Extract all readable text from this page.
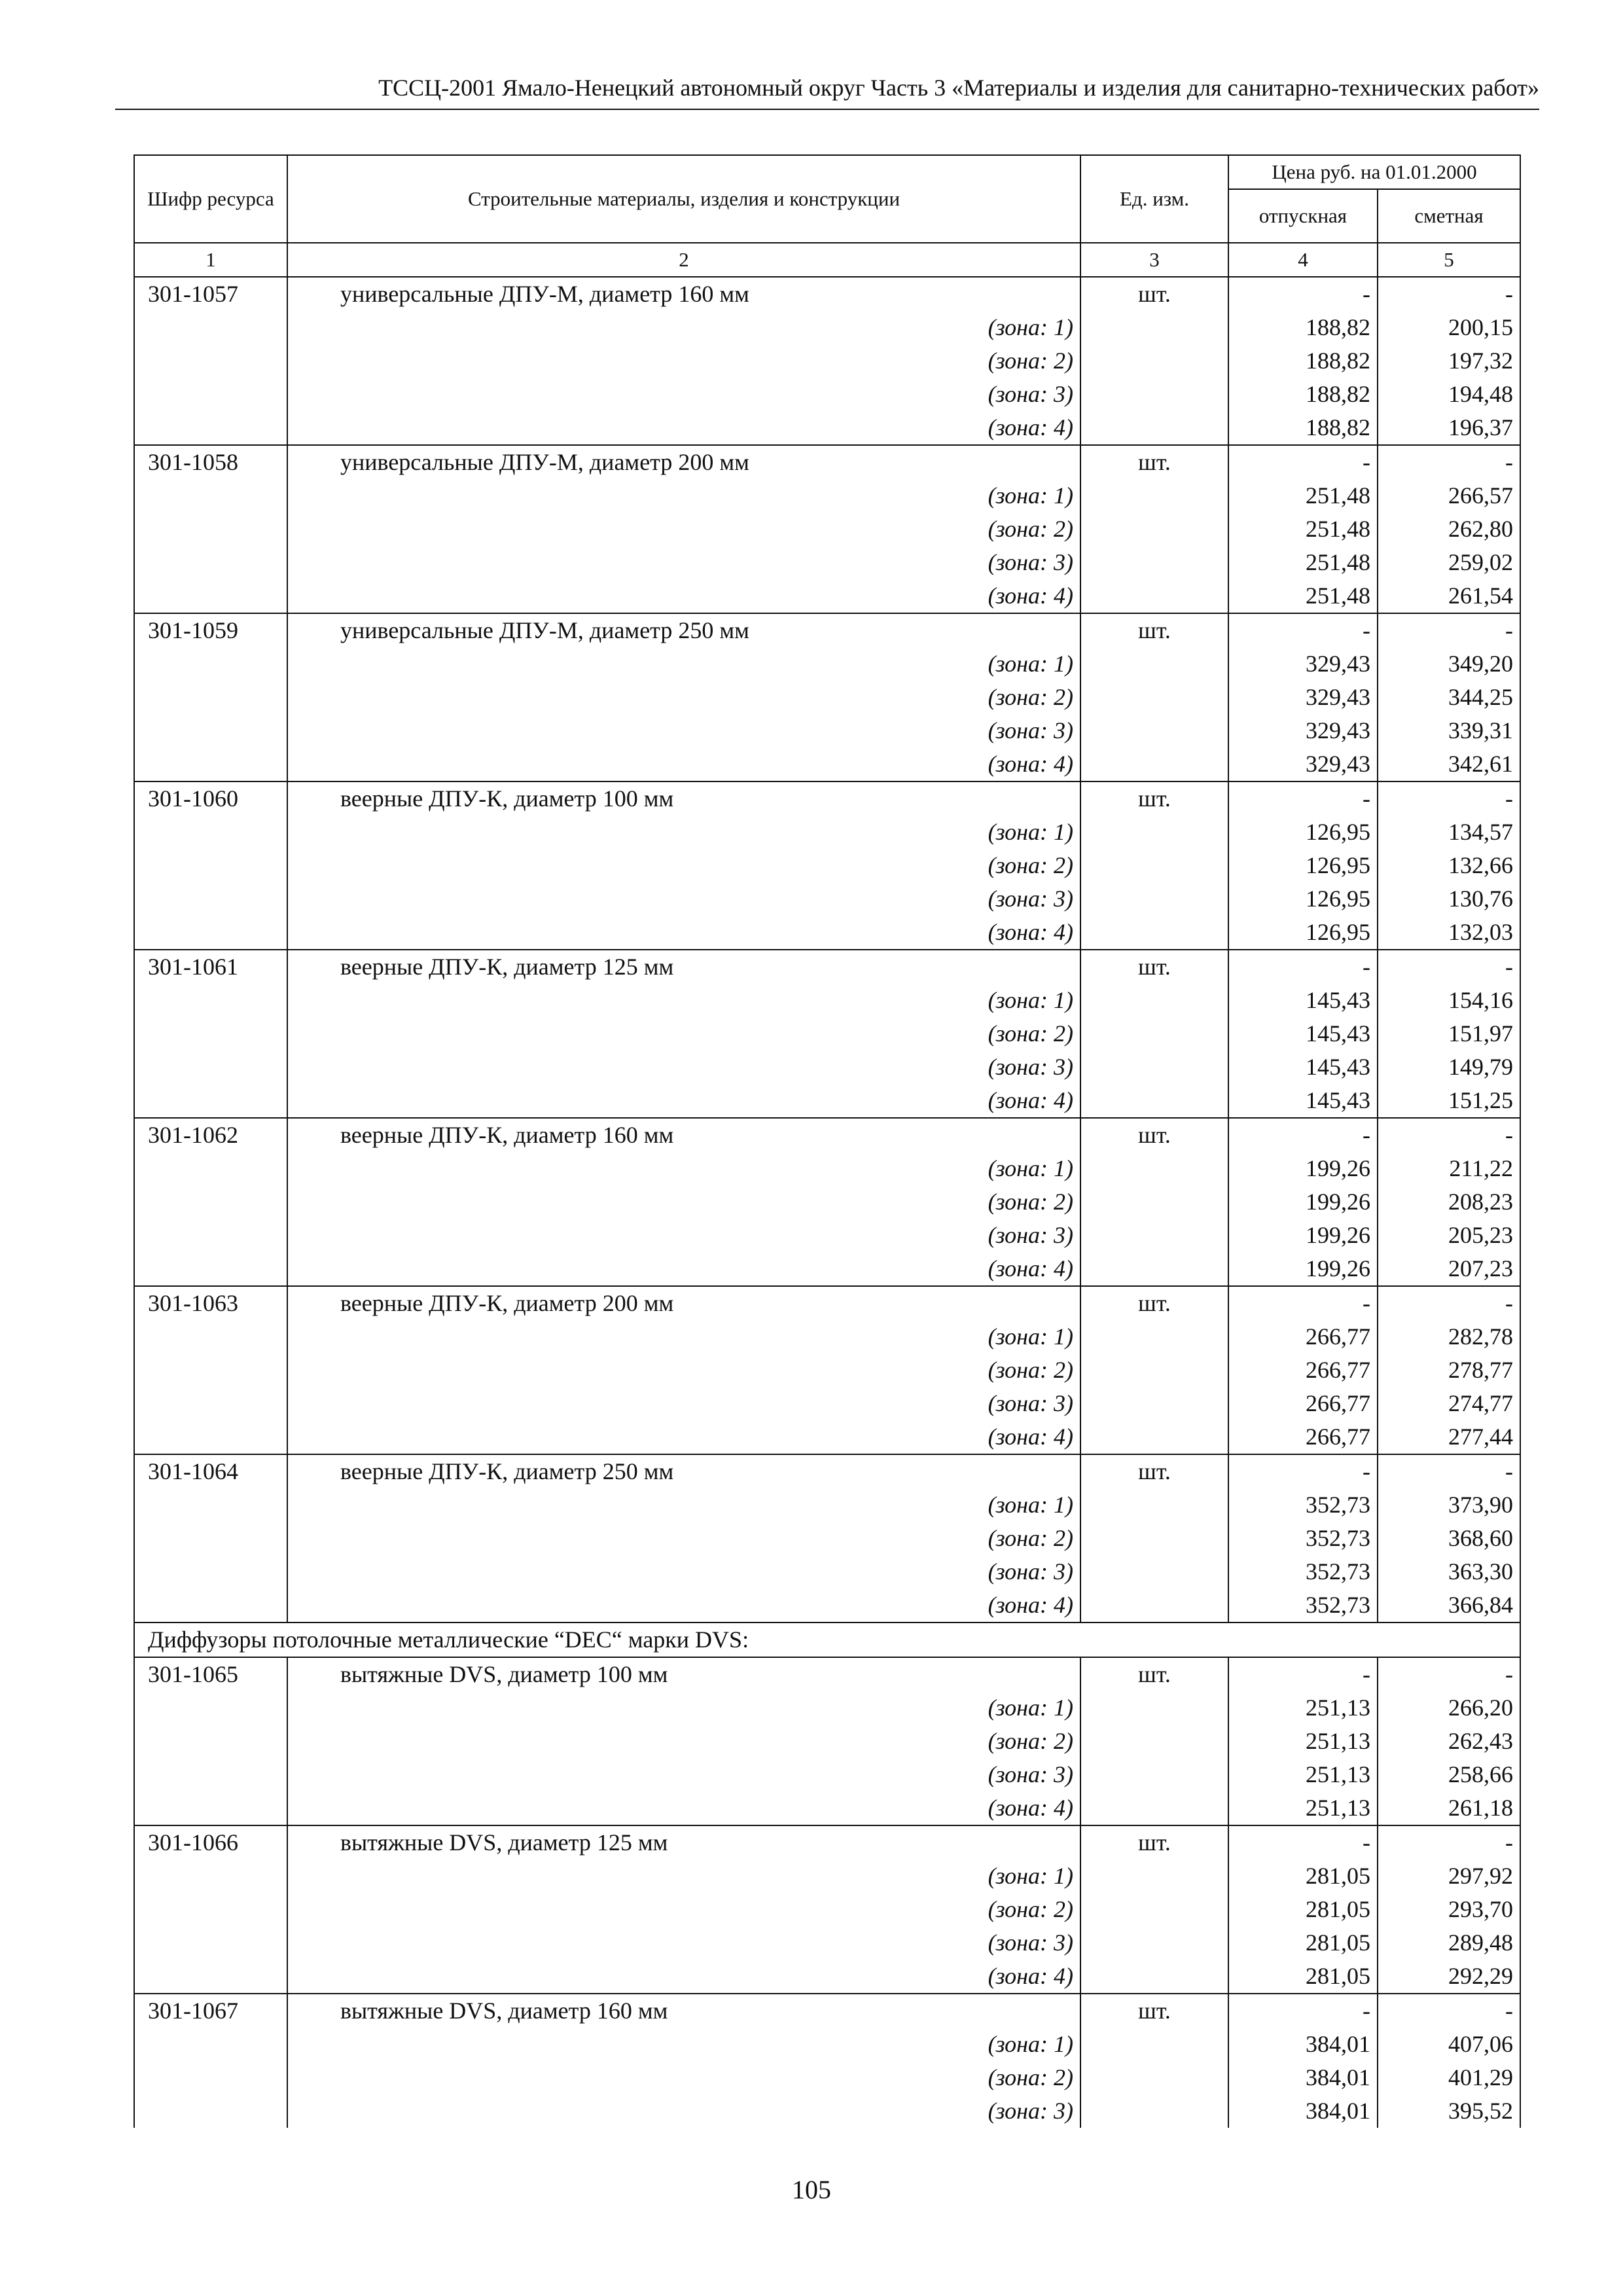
ТССЦ-2001 Ямало-Ненецкий автономный округ Часть 3 «Материалы и изделия для санитарно-технических работ»
Шифр ресурса	Строительные материалы, изделия и конструкции	Ед. изм.	Цена руб. на 01.01.2000	
			отпускная	сметная
1	2	3	4	5
301-1057	универсальные ДПУ-М, диаметр 160 мм	шт.	-	-
	(зона: 1)		188,82	200,15
	(зона: 2)		188,82	197,32
	(зона: 3)		188,82	194,48
	(зона: 4)		188,82	196,37
301-1058	универсальные ДПУ-М, диаметр 200 мм	шт.	-	-
	(зона: 1)		251,48	266,57
	(зона: 2)		251,48	262,80
	(зона: 3)		251,48	259,02
	(зона: 4)		251,48	261,54
301-1059	универсальные ДПУ-М, диаметр 250 мм	шт.	-	-
	(зона: 1)		329,43	349,20
	(зона: 2)		329,43	344,25
	(зона: 3)		329,43	339,31
	(зона: 4)		329,43	342,61
301-1060	веерные ДПУ-К, диаметр 100 мм	шт.	-	-
	(зона: 1)		126,95	134,57
	(зона: 2)		126,95	132,66
	(зона: 3)		126,95	130,76
	(зона: 4)		126,95	132,03
301-1061	веерные ДПУ-К, диаметр 125 мм	шт.	-	-
	(зона: 1)		145,43	154,16
	(зона: 2)		145,43	151,97
	(зона: 3)		145,43	149,79
	(зона: 4)		145,43	151,25
301-1062	веерные ДПУ-К, диаметр 160 мм	шт.	-	-
	(зона: 1)		199,26	211,22
	(зона: 2)		199,26	208,23
	(зона: 3)		199,26	205,23
	(зона: 4)		199,26	207,23
301-1063	веерные ДПУ-К, диаметр 200 мм	шт.	-	-
	(зона: 1)		266,77	282,78
	(зона: 2)		266,77	278,77
	(зона: 3)		266,77	274,77
	(зона: 4)		266,77	277,44
301-1064	веерные ДПУ-К, диаметр 250 мм	шт.	-	-
	(зона: 1)		352,73	373,90
	(зона: 2)		352,73	368,60
	(зона: 3)		352,73	363,30
	(зона: 4)		352,73	366,84
Диффузоры потолочные металлические “DEC“ марки DVS:				
301-1065	вытяжные DVS, диаметр 100 мм	шт.	-	-
	(зона: 1)		251,13	266,20
	(зона: 2)		251,13	262,43
	(зона: 3)		251,13	258,66
	(зона: 4)		251,13	261,18
301-1066	вытяжные DVS, диаметр 125 мм	шт.	-	-
	(зона: 1)		281,05	297,92
	(зона: 2)		281,05	293,70
	(зона: 3)		281,05	289,48
	(зона: 4)		281,05	292,29
301-1067	вытяжные DVS, диаметр 160 мм	шт.	-	-
	(зона: 1)		384,01	407,06
	(зона: 2)		384,01	401,29
	(зона: 3)		384,01	395,52
105
